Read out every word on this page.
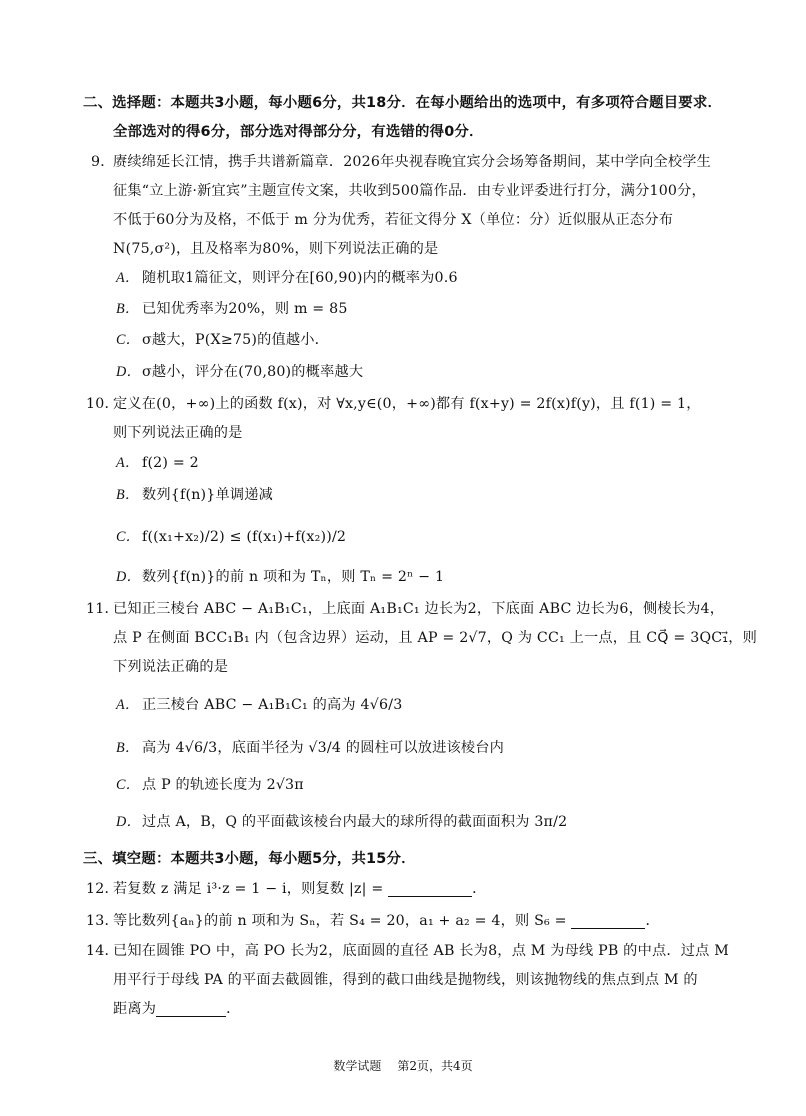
二、选择题：本题共3小题，每小题6分，共18分．在每小题给出的选项中，有多项符合题目要求．
全部选对的得6分，部分选对得部分分，有选错的得0分．
9．赓续绵延长江情，携手共谱新篇章．2026年央视春晚宜宾分会场筹备期间，某中学向全校学生
征集“立上游·新宜宾”主题宣传文案，共收到500篇作品．由专业评委进行打分，满分100分，
不低于60分为及格，不低于 m 分为优秀，若征文得分 X（单位：分）近似服从正态分布
N(75,σ²)，且及格率为80%，则下列说法正确的是
A． 随机取1篇征文，则评分在[60,90)内的概率为0.6
B． 已知优秀率为20%，则 m = 85
C． σ越大，P(X≥75)的值越小．
D．σ越小，评分在(70,80)的概率越大
10．定义在(0，+∞)上的函数 f(x)，对 ∀x,y∈(0，+∞)都有 f(x+y) = 2f(x)f(y)，且 f(1) = 1，
则下列说法正确的是
A． f(2) = 2
B． 数列{f(n)}单调递减
C． f((x₁+x₂)/2) ≤ (f(x₁)+f(x₂))/2
D．数列{f(n)}的前 n 项和为 Tₙ，则 Tₙ = 2ⁿ − 1
11．已知正三棱台 ABC − A₁B₁C₁，上底面 A₁B₁C₁ 边长为2，下底面 ABC 边长为6，侧棱长为4，
点 P 在侧面 BCC₁B₁ 内（包含边界）运动，且 AP = 2√7，Q 为 CC₁ 上一点，且 CQ⃗ = 3QC₁⃗，则
下列说法正确的是
A． 正三棱台 ABC − A₁B₁C₁ 的高为 4√6/3
B． 高为 4√6/3，底面半径为 √3/4 的圆柱可以放进该棱台内
C． 点 P 的轨迹长度为 2√3π
D．过点 A，B，Q 的平面截该棱台内最大的球所得的截面面积为 3π/2
三、填空题：本题共3小题，每小题5分，共15分．
12．若复数 z 满足 i³·z = 1 − i，则复数 |z| =	．
13．等比数列{aₙ}的前 n 项和为 Sₙ，若 S₄ = 20，a₁ + a₂ = 4，则 S₆ =	．
14．已知在圆锥 PO 中，高 PO 长为2，底面圆的直径 AB 长为8，点 M 为母线 PB 的中点．过点 M
用平行于母线 PA 的平面去截圆锥，得到的截口曲线是抛物线，则该抛物线的焦点到点 M 的
距离为	．
数学试题 第2页，共4页
